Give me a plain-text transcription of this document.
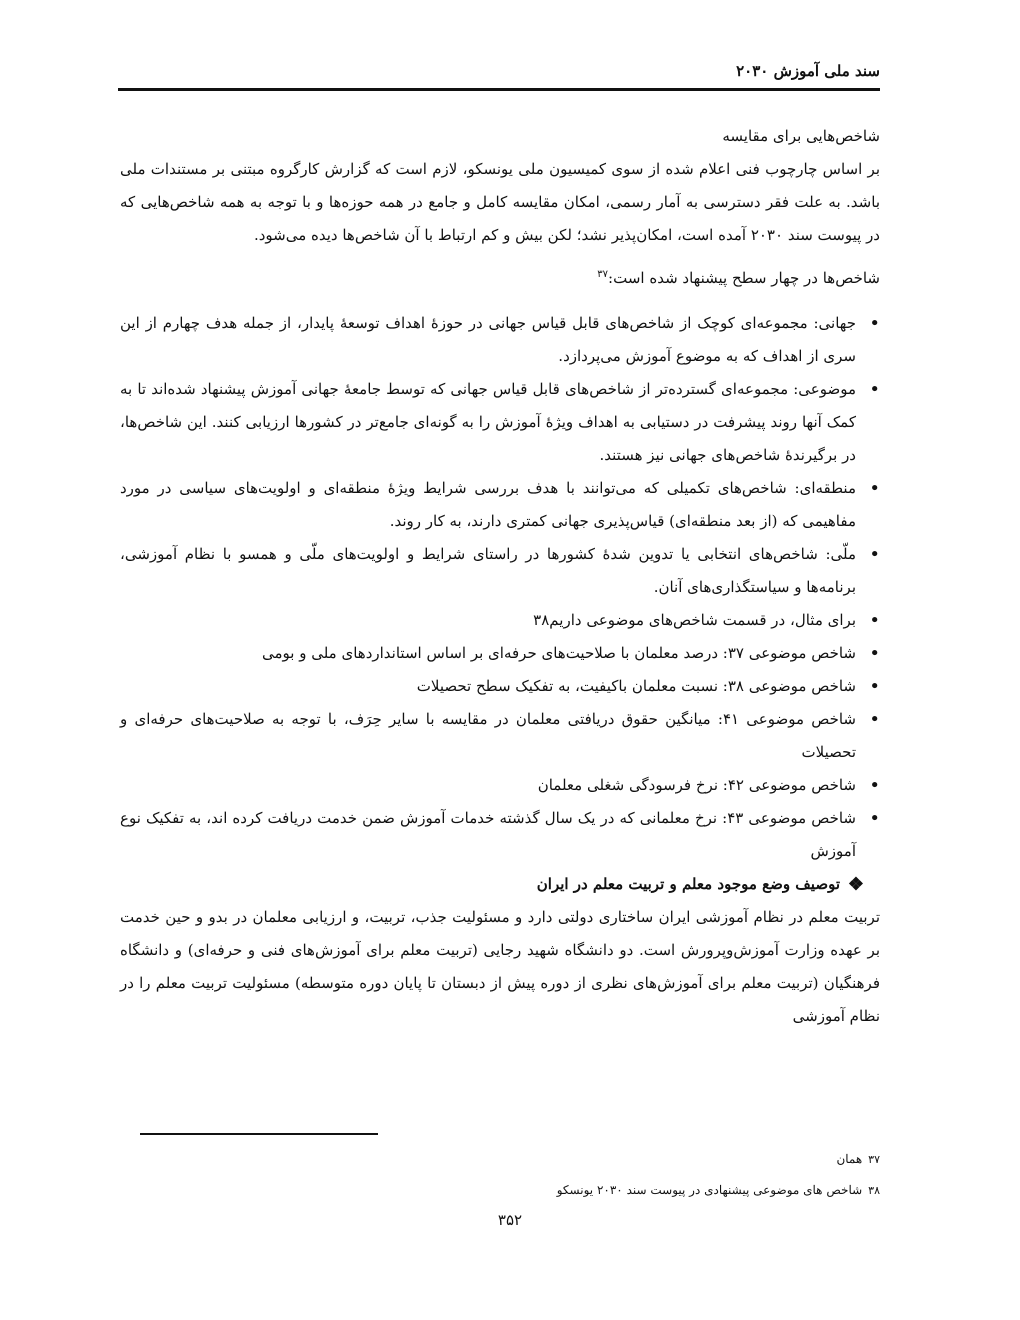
سند ملی آموزش ۲۰۳۰

شاخص‌هایی برای مقایسه

بر اساس چارچوب فنی اعلام شده از سوی کمیسیون ملی یونسکو، لازم است که گزارش کارگروه مبتنی بر مستندات ملی باشد. به علت فقر دسترسی به آمار رسمی، امکان مقایسه کامل و جامع در همه حوزه‌ها و با توجه به همه شاخص‌هایی که در پیوست سند ۲۰۳۰ آمده است، امکان‌پذیر نشد؛ لکن بیش و کم ارتباط با آن شاخص‌ها دیده می‌شود.

شاخص‌ها در چهار سطح پیشنهاد شده است:$^{۳۷}$

• جهانی: مجموعه‌ای کوچک از شاخص‌های قابل قیاس جهانی در حوزهٔ اهداف توسعهٔ پایدار، از جمله هدف چهارم از این سری از اهداف که به موضوع آموزش می‌پردازد.
• موضوعی: مجموعه‌ای گسترده‌تر از شاخص‌های قابل قیاس جهانی که توسط جامعهٔ جهانی آموزش پیشنهاد شده‌اند تا به کمک آنها روند پیشرفت در دستیابی به اهداف ویژهٔ آموزش را به گونه‌ای جامع‌تر در کشورها ارزیابی کنند. این شاخص‌ها، در برگیرندهٔ شاخص‌های جهانی نیز هستند.
• منطقه‌ای: شاخص‌های تکمیلی که می‌توانند با هدف بررسی شرایط ویژهٔ منطقه‌ای و اولویت‌های سیاسی در مورد مفاهیمی که (از بعد منطقه‌ای) قیاس‌پذیری جهانی کمتری دارند، به کار روند.
• ملّی: شاخص‌های انتخابی یا تدوین شدهٔ کشورها در راستای شرایط و اولویت‌های ملّی و همسو با نظام آموزشی، برنامه‌ها و سیاستگذاری‌های آنان.
• برای مثال، در قسمت شاخص‌های موضوعی داریم۳۸
• شاخص موضوعی ۳۷: درصد معلمان با صلاحیت‌های حرفه‌ای بر اساس استانداردهای ملی و بومی
• شاخص موضوعی ۳۸: نسبت معلمان باکیفیت، به تفکیک سطح تحصیلات
• شاخص موضوعی ۴۱: میانگین حقوق دریافتی معلمان در مقایسه با سایر حِرَف، با توجه به صلاحیت‌های حرفه‌ای و تحصیلات
• شاخص موضوعی ۴۲: نرخ فرسودگی شغلی معلمان
• شاخص موضوعی ۴۳: نرخ معلمانی که در یک سال گذشته خدمات آموزش ضمن خدمت دریافت کرده اند، به تفکیک نوع آموزش

❖
توصیف وضع موجود معلم و تربیت معلم در ایران

تربیت معلم در نظام آموزشی ایران ساختاری دولتی دارد و مسئولیت جذب، تربیت، و ارزیابی معلمان در بدو و حین خدمت بر عهده وزارت آموزش‌وپرورش است. دو دانشگاه شهید رجایی (تربیت معلم برای آموزش‌های فنی و حرفه‌ای) و دانشگاه فرهنگیان (تربیت معلم برای آموزش‌های نظری از دوره پیش از دبستان تا پایان دوره متوسطه) مسئولیت تربیت معلم را در نظام آموزشی

۳۷همان
۳۸شاخص های موضوعی پیشنهادی در پیوست سند ۲۰۳۰ یونسکو
۳۵۲
